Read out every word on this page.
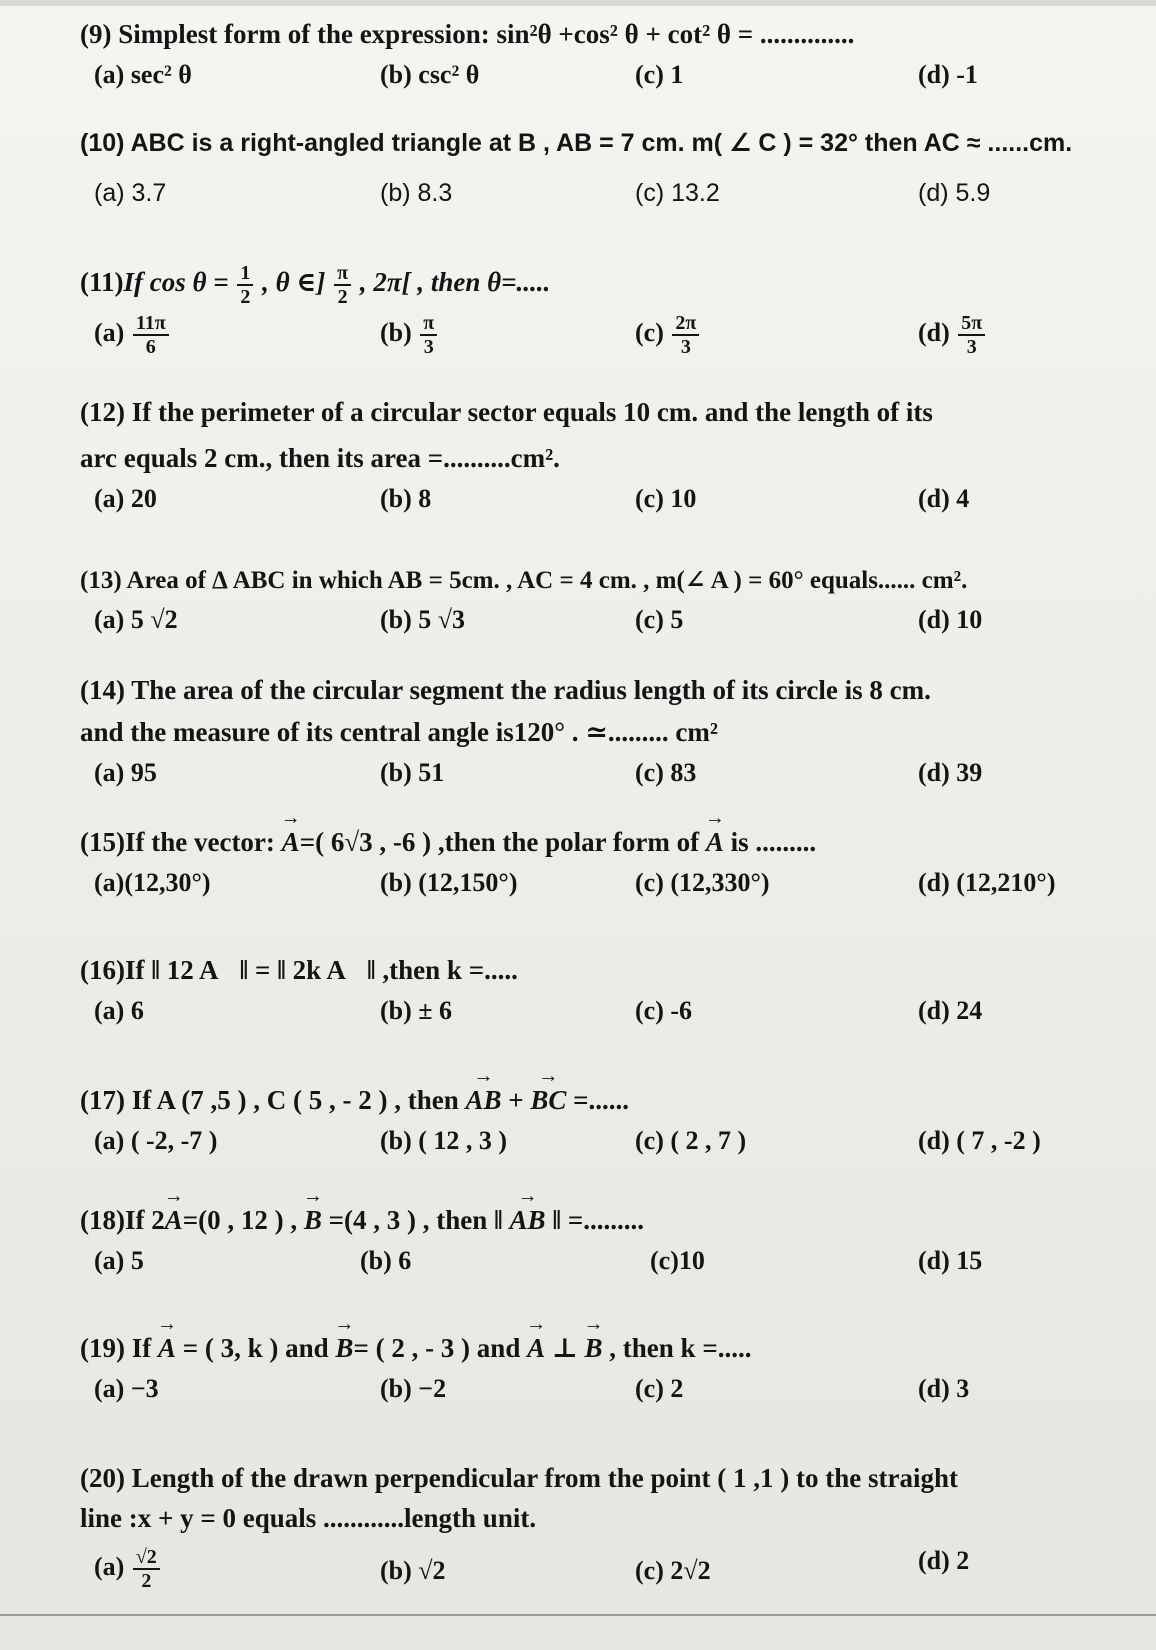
(9) Simplest form of the expression: sin²θ +cos² θ + cot² θ = ..............
(a) sec² θ	(b) csc² θ	(c) 1	(d) -1
(10) ABC is a right-angled triangle at B , AB = 7 cm. m( ∠ C ) = 32° then AC ≈ ......cm.
(a) 3.7	(b) 8.3	(c) 13.2	(d) 5.9
(11)If $\cos \theta = \frac{1}{2}$ , θ ∈] $\frac{\pi}{2}$ , 2π[ , then θ=.....
$(a) \frac{11\pi}{6}$	$(b) \frac{\pi}{3}$	$(c) \frac{2\pi}{3}$	$(d) \frac{5\pi}{3}$
(12) If the perimeter of a circular sector equals 10 cm. and the length of its
arc equals 2 cm., then its area =..........cm².
(a) 20	(b) 8	(c) 10	(d) 4
(13) Area of Δ ABC in which AB = 5cm. , AC = 4 cm. , m(∠ A ) = 60° equals...... cm².
(a) 5 √2	(b) 5 √3	(c) 5	(d) 10
(14) The area of the circular segment the radius length of its circle is 8 cm.
and the measure of its central angle is120° . ≃......... cm²
(a) 95	(b) 51	(c) 83	(d) 39
(15)If the vector: → A=( 6√3 , -6 ) ,then the polar form of → A is .........
(a)(12,30°)	(b) (12,150°)	(c) (12,330°)	(d) (12,210°)
(16)If ‖ 12 A⃗‖ = ‖ 2k A⃗‖ ,then k =.....
(a) 6	(b) ± 6	(c) -6	(d) 24
(17) If A (7 ,5 ) , C ( 5 , - 2 ) , then → AB + → BC =......
(a) ( -2, -7 )	(b) ( 12 , 3 )	(c) ( 2 , 7 )	(d) ( 7 , -2 )
(18)If 2→ A=(0 , 12 ) , → B =(4 , 3 ) , then ‖ → AB ‖ =.........
(a) 5	(b) 6	(c)10	(d) 15
(19) If → A = ( 3, k ) and → B= ( 2 , - 3 ) and → A ⊥ → B , then k =.....
(a) −3	(b) −2	(c) 2	(d) 3
(20) Length of the drawn perpendicular from the point ( 1 ,1 ) to the straight
line :x + y = 0 equals ............length unit.
$(a) \frac{√2}{2}$	(b) √2	(c) 2√2	(d) 2
